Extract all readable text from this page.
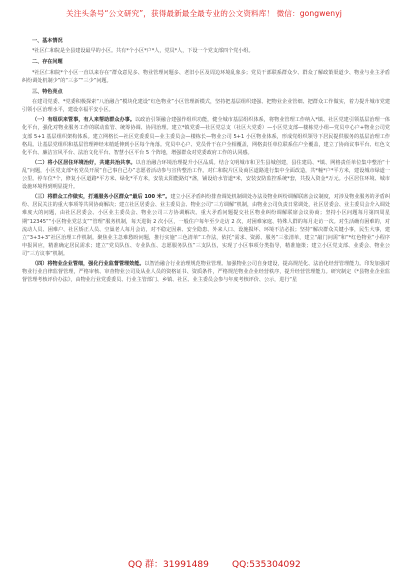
关注头条号“公文研究”，获得最新最全最专业的公文资料库！ 微信：gongwenyj
一、基本情况
*社区仁和院是全县建设最早的小区。共有*个小区*户*人，党员*人，下设一个党支部四个党小组。
二、存在问题
*社区仁和院*个小区一直以来存在“群众意见多、物业管理问题多、老旧小区及周边环境乱象多；党员干部联系群众少、群众了解政策渠道少、物业与业主矛盾纠纷调处机制少”的“三多”“三少”问题。
三、特色亮点
在建司党委、*党委积极探索“八治融合”模块化建设“红色物业”小区管理新模式，坚持把基层组织建强、把物业企业管细、把群众工作做实，着力提升城市党建引领小区治理水平，建设幸福平安小区。
（一）有组织来管事，有人来帮助群众办事。以政治引领融合建强作组织功能，健全城市基层组织体系，将物业管理工作纳入*镇、社区党建引领基层治理一体化平台，强化对物业服务工作的联动监管、统筹协调、协同治理。建立*镇党委—社区党总支（社区大党委）—小区党支部—楼栋党小组—党员中心户+物业公司党支部 5+1 基层组织架构体系。建立网格长—社区党委委员—业主委员会—楼栋长—物业公司 5+1 小区物业体系，形成党组织领导下居民提供服务的基层治理工作格局。让基层党组织和基层管理神经末梢延伸到小区每个角落。党员中心户、党员骨干在户全相覆盖，网格责任单位联系住户全覆盖，建立了协商议事平台、红色文化平台、廉洁宣风平台、法治文化平台、智慧小区平台 5 个阵地，增强群众对党委政府工作的认同感。
（二）将小区居住环境治好，共建共治共享。以自治融合环境治理提升小区品质。结合文明城市和卫生县城创建，县住建局、*镇、网格责任单位集中整治“十乱”问题，小区党支部*名党员开展“自己事自己办”志愿者活动参与宣传整治工作。对仁和院片区及商区道路进行集中全面改造，共*幢*户*平方米，建设城市绿道一公里。停车位*个，修复小区道路*平方米、绿化*平方米，安装太阳能路灯*盏，铺设给水管道*米，安装安防监控系统*套，共投入资金*万元。小区居住环境、城市设施环境得到明显提升。
（三）将群众工作做实，打通服务小区群众“最后 100 米”。建立小区矛盾纠纷排查调处机制调处办法及物业纠纷调解联席会议制度，对涉及物业服务的矛盾纠纷、居民关注的重大事项等共同协商解决；建立社区居委会、业主委员会、物业公司“三方调解”机制，由物业公司负责日常调处，社区居委会、业主委员会介入调处难度大的问题，由社区居委会、小区业主委员会、物业公司三方协调解决。重大矛盾问题提交社区物业纠纷调解联席会议协商；坚持小区问题每月第四周星期“12345”“小区物业党总支”“管理”服务机制，每天进街 2 次小区，一般住户每年至少走访 2 次，对困难家庭、特殊人群的每月走访一次。对生活确有困难的，对流动人员、困难户、社区矫正人员、空巢老人每月会访，对不稳定因素、安全隐患、外来人口、设施损坏、环境不洁必报；坚持“解决群众关键小事，民生大事，建立“3+3+3”社区治理工作机制。聚焦业主急难愁盼问题，推行实施“三色清单”工作法，依托“需求、资源、服务”三张清单，建立“敲门问需”和“*红色物业”小程序申报回应，精准确定居民需求；建立“党员队伍、专业队伍、志愿服务队伍”三支队伍，实现了小区事项分类指导，精准施策；建立小区党支部、业委会、物业公司“三方议事”机制。
（四）将物业企业管细，强化行业监督管理效能。以智治融合行业治理规范物业管理。加强物业公司自身建设，提高规范化、法治化经营管理能力。印发加强对物业行业自律监督管理，严格审核、审查物业公司及从业人员的资格证书、资质条件，严格规范物业企业经营秩序，提升经营管理能力。研究制定《*县物业企业监督管理考核评价办法》，由物业行业党委委员、行业主管部门、乡镇、社区、业主委员会参与年度考核评价、公示，进行“星
QQ 群：31991489	QQ:535304092
